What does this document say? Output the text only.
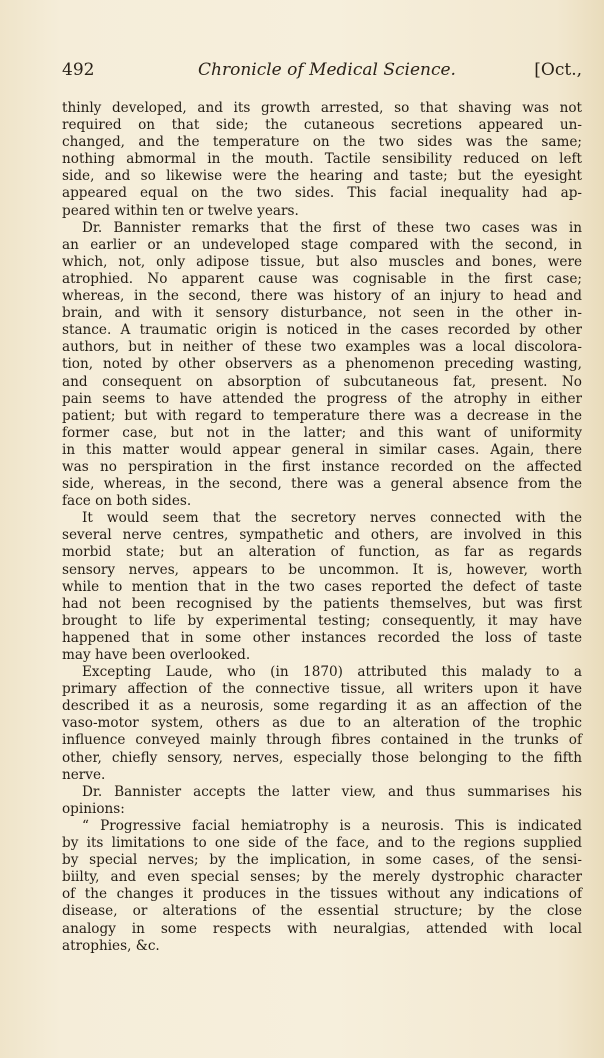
492	Chronicle of Medical Science.	[Oct.,
thinly developed, and its growth arrested, so that shaving was not
required on that side; the cutaneous secretions appeared un-
changed, and the temperature on the two sides was the same;
nothing abmormal in the mouth. Tactile sensibility reduced on left
side, and so likewise were the hearing and taste; but the eyesight
appeared equal on the two sides. This facial inequality had ap-
peared within ten or twelve years.
Dr. Bannister remarks that the first of these two cases was in
an earlier or an undeveloped stage compared with the second, in
which, not, only adipose tissue, but also muscles and bones, were
atrophied. No apparent cause was cognisable in the first case;
whereas, in the second, there was history of an injury to head and
brain, and with it sensory disturbance, not seen in the other in-
stance. A traumatic origin is noticed in the cases recorded by other
authors, but in neither of these two examples was a local discolora-
tion, noted by other observers as a phenomenon preceding wasting,
and consequent on absorption of subcutaneous fat, present. No
pain seems to have attended the progress of the atrophy in either
patient; but with regard to temperature there was a decrease in the
former case, but not in the latter; and this want of uniformity
in this matter would appear general in similar cases. Again, there
was no perspiration in the first instance recorded on the affected
side, whereas, in the second, there was a general absence from the
face on both sides.
It would seem that the secretory nerves connected with the
several nerve centres, sympathetic and others, are involved in this
morbid state; but an alteration of function, as far as regards
sensory nerves, appears to be uncommon. It is, however, worth
while to mention that in the two cases reported the defect of taste
had not been recognised by the patients themselves, but was first
brought to life by experimental testing; consequently, it may have
happened that in some other instances recorded the loss of taste
may have been overlooked.
Excepting Laude, who (in 1870) attributed this malady to a
primary affection of the connective tissue, all writers upon it have
described it as a neurosis, some regarding it as an affection of the
vaso-motor system, others as due to an alteration of the trophic
influence conveyed mainly through fibres contained in the trunks of
other, chiefly sensory, nerves, especially those belonging to the fifth
nerve.
Dr. Bannister accepts the latter view, and thus summarises his
opinions:
“ Progressive facial hemiatrophy is a neurosis. This is indicated
by its limitations to one side of the face, and to the regions supplied
by special nerves; by the implication, in some cases, of the sensi-
biilty, and even special senses; by the merely dystrophic character
of the changes it produces in the tissues without any indications of
disease, or alterations of the essential structure; by the close
analogy in some respects with neuralgias, attended with local
atrophies, &c.
